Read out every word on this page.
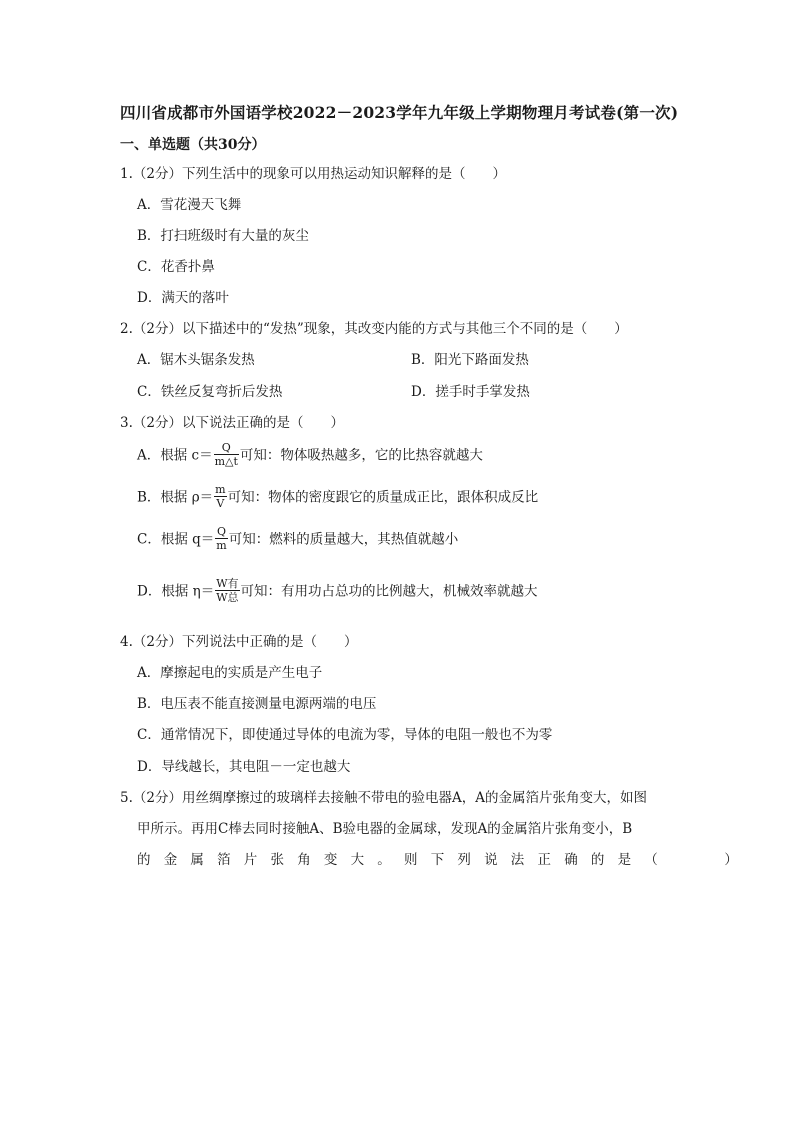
四川省成都市外国语学校2022－2023学年九年级上学期物理月考试卷(第一次)
一、单选题（共30分）
1.（2分）下列生活中的现象可以用热运动知识解释的是（　　）
A．雪花漫天飞舞
B．打扫班级时有大量的灰尘
C．花香扑鼻
D．满天的落叶
2.（2分）以下描述中的“发热”现象，其改变内能的方式与其他三个不同的是（　　）
A．锯木头锯条发热	B．阳光下路面发热
C．铁丝反复弯折后发热	D．搓手时手掌发热
3.（2分）以下说法正确的是（　　）
A．根据 $c= \frac{Q}{m\triangle t}$ 可知：物体吸热越多，它的比热容就越大
B．根据 $\rho= \frac{m}{V}$ 可知：物体的密度跟它的质量成正比，跟体积成反比
C．根据 $q= \frac{Q}{m}$ 可知：燃料的质量越大，其热值就越小
D．根据 $\eta= \frac{\text{W有}}{\text{W总}}$ 可知：有用功占总功的比例越大，机械效率就越大
4.（2分）下列说法中正确的是（　　）
A．摩擦起电的实质是产生电子
B．电压表不能直接测量电源两端的电压
C．通常情况下，即使通过导体的电流为零，导体的电阻一般也不为零
D．导线越长，其电阻－一定也越大
5.（2分）用丝绸摩擦过的玻璃样去接触不带电的验电器A，A的金属箔片张角变大，如图
甲所示。再用C棒去同时接触A、B验电器的金属球，发现A的金属箔片张角变小，B
的金属箔片张角变大。则下列说法正确的是（　　）
